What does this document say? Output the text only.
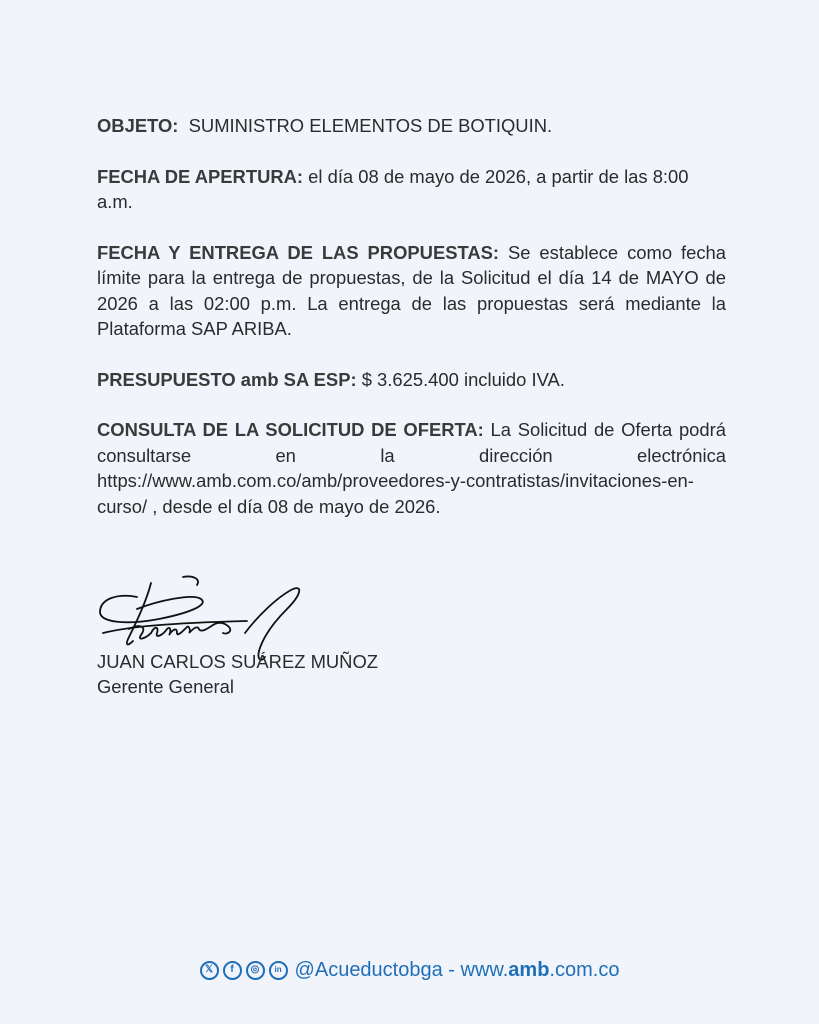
OBJETO: SUMINISTRO ELEMENTOS DE BOTIQUIN.

FECHA DE APERTURA: el día 08 de mayo de 2026, a partir de las 8:00 a.m.

FECHA Y ENTREGA DE LAS PROPUESTAS: Se establece como fecha límite para la entrega de propuestas, de la Solicitud el día 14 de MAYO de 2026 a las 02:00 p.m. La entrega de las propuestas será mediante la Plataforma SAP ARIBA.

PRESUPUESTO amb SA ESP: $ 3.625.400 incluido IVA.

CONSULTA DE LA SOLICITUD DE OFERTA: La Solicitud de Oferta podrá consultarse en la dirección electrónica https://www.amb.com.co/amb/proveedores-y-contratistas/invitaciones-en-curso/ , desde el día 08 de mayo de 2026.

JUAN CARLOS SUÁREZ MUÑOZ
Gerente General
𝕏	f	◎	in @Acueductobga - www.amb.com.co
